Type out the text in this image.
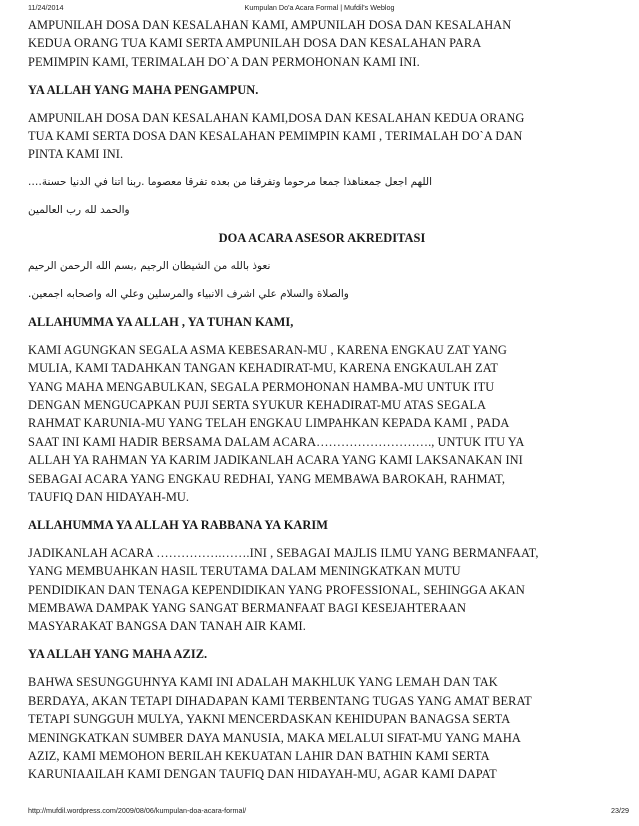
11/24/2014	Kumpulan Do'a Acara Formal | Mufdil's Weblog

AMPUNILAH DOSA DAN KESALAHAN KAMI, AMPUNILAH DOSA DAN KESALAHAN
KEDUA ORANG TUA KAMI SERTA AMPUNILAH DOSA DAN KESALAHAN PARA
PEMIMPIN KAMI, TERIMALAH DO`A DAN PERMOHONAN KAMI INI.

YA ALLAH YANG MAHA PENGAMPUN.

AMPUNILAH DOSA DAN KESALAHAN KAMI,DOSA DAN KESALAHAN KEDUA ORANG
TUA KAMI SERTA DOSA DAN KESALAHAN PEMIMPIN KAMI , TERIMALAH DO`A DAN
PINTA KAMI INI.

اللهم اجعل جمعناهذا جمعا مرحوما وتفرقنا من بعده تفرقا معصوما .ربنا اتنا في الدنيا حسنة….

والحمد لله رب العالمين

DOA ACARA ASESOR AKREDITASI

نعوذ بالله من الشيطان الرجيم ,بسم الله الرحمن الرحيم

والصلاة والسلام علي اشرف الانبياء والمرسلين وعلي اله واصحابه اجمعين.

ALLAHUMMA YA ALLAH , YA TUHAN KAMI,

KAMI AGUNGKAN SEGALA ASMA KEBESARAN-MU , KARENA ENGKAU ZAT YANG
MULIA, KAMI TADAHKAN TANGAN KEHADIRAT-MU, KARENA ENGKAULAH ZAT
YANG MAHA MENGABULKAN, SEGALA PERMOHONAN HAMBA-MU UNTUK ITU
DENGAN MENGUCAPKAN PUJI SERTA SYUKUR KEHADIRAT-MU ATAS SEGALA
RAHMAT KARUNIA-MU YANG TELAH ENGKAU LIMPAHKAN KEPADA KAMI , PADA
SAAT INI KAMI HADIR BERSAMA DALAM ACARA………………………., UNTUK ITU YA
ALLAH YA RAHMAN YA KARIM JADIKANLAH ACARA YANG KAMI LAKSANAKAN INI
SEBAGAI ACARA YANG ENGKAU REDHAI, YANG MEMBAWA BAROKAH, RAHMAT,
TAUFIQ DAN HIDAYAH-MU.

ALLAHUMMA YA ALLAH YA RABBANA YA KARIM

JADIKANLAH ACARA …………….…….INI , SEBAGAI MAJLIS ILMU YANG BERMANFAAT,
YANG MEMBUAHKAN HASIL TERUTAMA DALAM MENINGKATKAN MUTU
PENDIDIKAN DAN TENAGA KEPENDIDIKAN YANG PROFESSIONAL, SEHINGGA AKAN
MEMBAWA DAMPAK YANG SANGAT BERMANFAAT BAGI KESEJAHTERAAN
MASYARAKAT BANGSA DAN TANAH AIR KAMI.

YA ALLAH YANG MAHA AZIZ.

BAHWA SESUNGGUHNYA KAMI INI ADALAH MAKHLUK YANG LEMAH DAN TAK
BERDAYA, AKAN TETAPI DIHADAPAN KAMI TERBENTANG TUGAS YANG AMAT BERAT
TETAPI SUNGGUH MULYA, YAKNI MENCERDASKAN KEHIDUPAN BANAGSA SERTA
MENINGKATKAN SUMBER DAYA MANUSIA, MAKA MELALUI SIFAT-MU YANG MAHA
AZIZ, KAMI MEMOHON BERILAH KEKUATAN LAHIR DAN BATHIN KAMI SERTA
KARUNIAAILAH KAMI DENGAN TAUFIQ DAN HIDAYAH-MU, AGAR KAMI DAPAT

http://mufdil.wordpress.com/2009/08/06/kumpulan-doa-acara-formal/	23/29
